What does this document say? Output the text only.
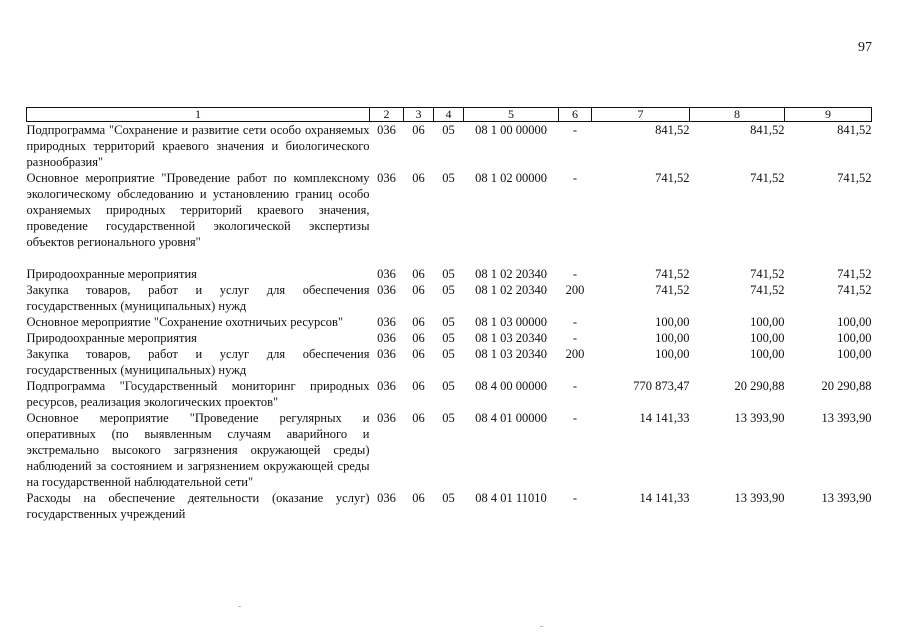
97
1	2	3	4	5	6	7	8	9
Подпрограмма "Сохранение и развитие сети особо охраняемых природных территорий краевого значения и биологического разнообразия"	036	06	05	08 1 00 00000	-	841,52	841,52	841,52
Основное мероприятие "Проведение работ по комплексному экологическому обследованию и установлению границ особо охраняемых природных территорий краевого значения, проведение государственной экологической экспертизы объектов регионального уровня"	036	06	05	08 1 02 00000	-	741,52	741,52	741,52

Природоохранные мероприятия	036	06	05	08 1 02 20340	-	741,52	741,52	741,52
Закупка товаров, работ и услуг для обеспечения государственных (муниципальных) нужд	036	06	05	08 1 02 20340	200	741,52	741,52	741,52
Основное мероприятие "Сохранение охотничьих ресурсов"	036	06	05	08 1 03 00000	-	100,00	100,00	100,00
Природоохранные мероприятия	036	06	05	08 1 03 20340	-	100,00	100,00	100,00
Закупка товаров, работ и услуг для обеспечения государственных (муниципальных) нужд	036	06	05	08 1 03 20340	200	100,00	100,00	100,00
Подпрограмма "Государственный мониторинг природных ресурсов, реализация экологических проектов"	036	06	05	08 4 00 00000	-	770 873,47	20 290,88	20 290,88
Основное мероприятие "Проведение регулярных и оперативных (по выявленным случаям аварийного и экстремально высокого загрязнения окружающей среды) наблюдений за состоянием и загрязнением окружающей среды на государственной наблюдательной сети"	036	06	05	08 4 01 00000	-	14 141,33	13 393,90	13 393,90
Расходы на обеспечение деятельности (оказание услуг) государственных учреждений	036	06	05	08 4 01 11010	-	14 141,33	13 393,90	13 393,90
